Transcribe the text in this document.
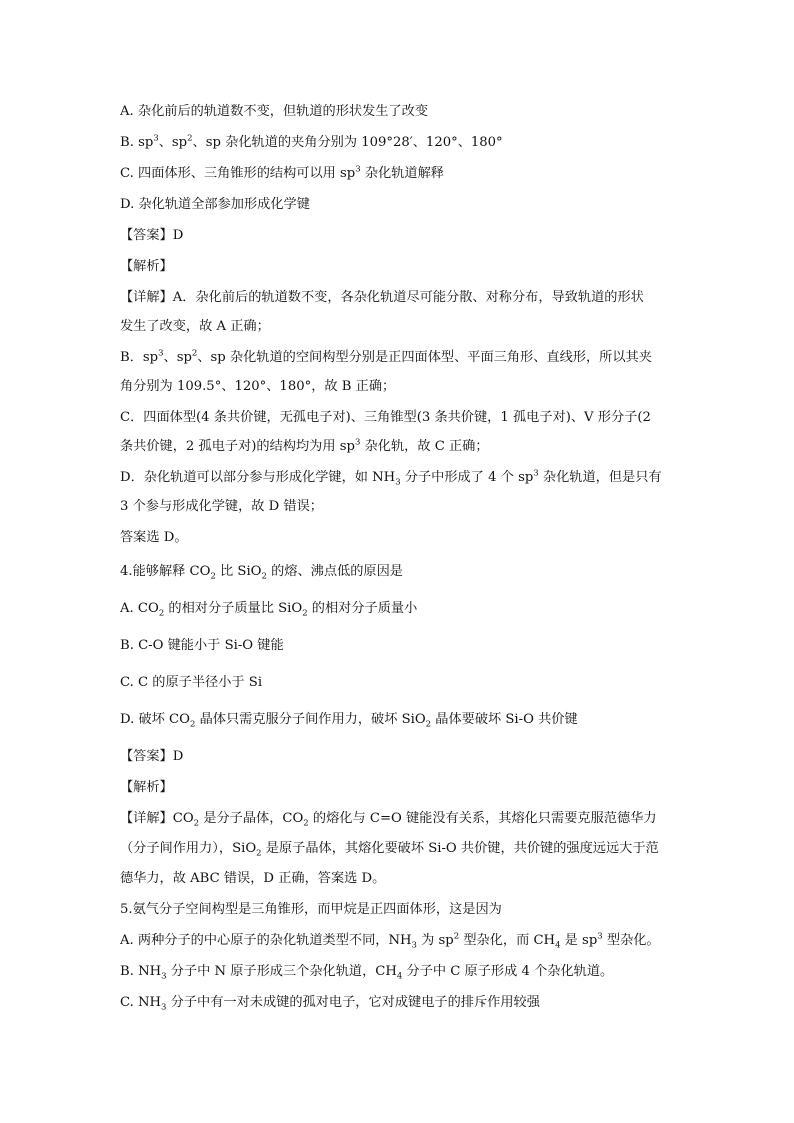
A. 杂化前后的轨道数不变，但轨道的形状发生了改变
B. $sp^3$、$sp^2$、sp 杂化轨道的夹角分别为 109°28′、120°、180°
C. 四面体形、三角锥形的结构可以用 $sp^3$ 杂化轨道解释
D. 杂化轨道全部参加形成化学键
【答案】D
【解析】
【详解】A．杂化前后的轨道数不变，各杂化轨道尽可能分散、对称分布，导致轨道的形状
发生了改变，故 A 正确；
B．$sp^3$、$sp^2$、sp 杂化轨道的空间构型分别是正四面体型、平面三角形、直线形，所以其夹
角分别为 109.5°、120°、180°，故 B 正确；
C．四面体型(4 条共价键，无孤电子对)、三角锥型(3 条共价键，1 孤电子对)、V 形分子(2
条共价键，2 孤电子对)的结构均为用 $sp^3$ 杂化轨，故 C 正确；
D．杂化轨道可以部分参与形成化学键，如 $NH_3$ 分子中形成了 4 个 $sp^3$ 杂化轨道，但是只有
3 个参与形成化学键，故 D 错误；
答案选 D。
4.能够解释 $CO_2$ 比 SiO$_2$ 的熔、沸点低的原因是
A. $CO_2$ 的相对分子质量比 SiO$_2$ 的相对分子质量小
B. C-O 键能小于 Si-O 键能
C. C 的原子半径小于 Si
D. 破坏 $CO_2$ 晶体只需克服分子间作用力，破坏 SiO$_2$ 晶体要破坏 Si-O 共价键
【答案】D
【解析】
【详解】$CO_2$ 是分子晶体，$CO_2$ 的熔化与 C=O 键能没有关系，其熔化只需要克服范德华力
（分子间作用力），SiO$_2$ 是原子晶体，其熔化要破坏 Si-O 共价键，共价键的强度远远大于范
德华力，故 ABC 错误，D 正确，答案选 D。
5.氨气分子空间构型是三角锥形，而甲烷是正四面体形，这是因为
A. 两种分子的中心原子的杂化轨道类型不同，$NH_3$ 为 $sp^2$ 型杂化，而 $CH_4$ 是 $sp^3$ 型杂化。
B. $NH_3$ 分子中 N 原子形成三个杂化轨道，$CH_4$ 分子中 C 原子形成 4 个杂化轨道。
C. $NH_3$ 分子中有一对未成键的孤对电子，它对成键电子的排斥作用较强
